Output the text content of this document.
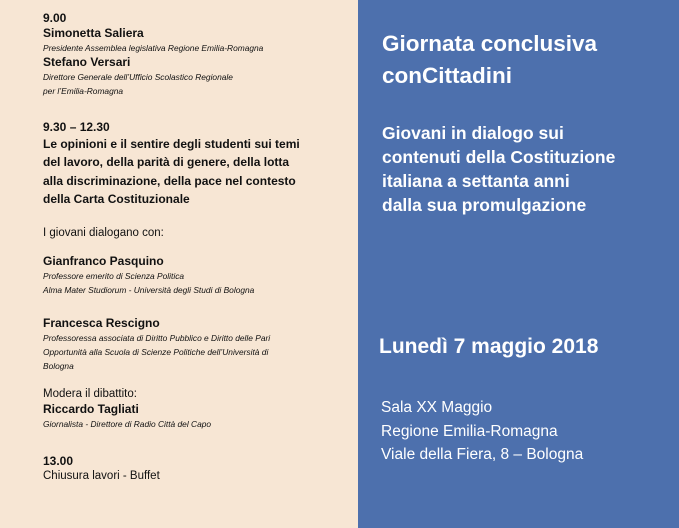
9.00
Simonetta Saliera
Presidente Assemblea legislativa Regione Emilia-Romagna
Stefano Versari
Direttore Generale dell’Ufficio Scolastico Regionale
per l’Emilia-Romagna
9.30 – 12.30
Le opinioni e il sentire degli studenti sui temi
del lavoro, della parità di genere, della lotta
alla discriminazione, della pace nel contesto
della Carta Costituzionale
I giovani dialogano con:
Gianfranco Pasquino
Professore emerito di Scienza Politica
Alma Mater Studiorum - Università degli Studi di Bologna
Francesca Rescigno
Professoressa associata di Diritto Pubblico e Diritto delle Pari
Opportunità alla Scuola di Scienze Politiche dell’Università di
Bologna
Modera il dibattito:
Riccardo Tagliati
Giornalista - Direttore di Radio Città del Capo
13.00
Chiusura lavori - Buffet
Giornata conclusiva
conCittadini
Giovani in dialogo sui
contenuti della Costituzione
italiana a settanta anni
dalla sua promulgazione
Lunedì 7 maggio 2018
Sala XX Maggio
Regione Emilia-Romagna
Viale della Fiera, 8 – Bologna
